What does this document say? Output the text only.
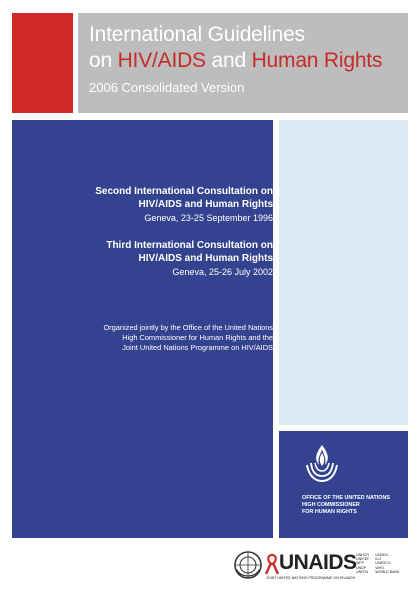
International Guidelines
on HIV/AIDS and Human Rights
2006 Consolidated Version
Second International Consultation on
HIV/AIDS and Human Rights
Geneva, 23-25 September 1996
Third International Consultation on
HIV/AIDS and Human Rights
Geneva, 25-26 July 2002
Organized jointly by the Office of the United Nations
High Commissioner for Human Rights and the
Joint United Nations Programme on HIV/AIDS
OFFICE OF THE UNITED NATIONS
HIGH COMMISSIONER
FOR HUMAN RIGHTS
UNAIDS
JOINT UNITED NATIONS PROGRAMME ON HIV/AIDS
UNHCR
UNICEF
WFP
UNDP
UNFPA

UNODC
ILO
UNESCO
WHO
WORLD BANK
